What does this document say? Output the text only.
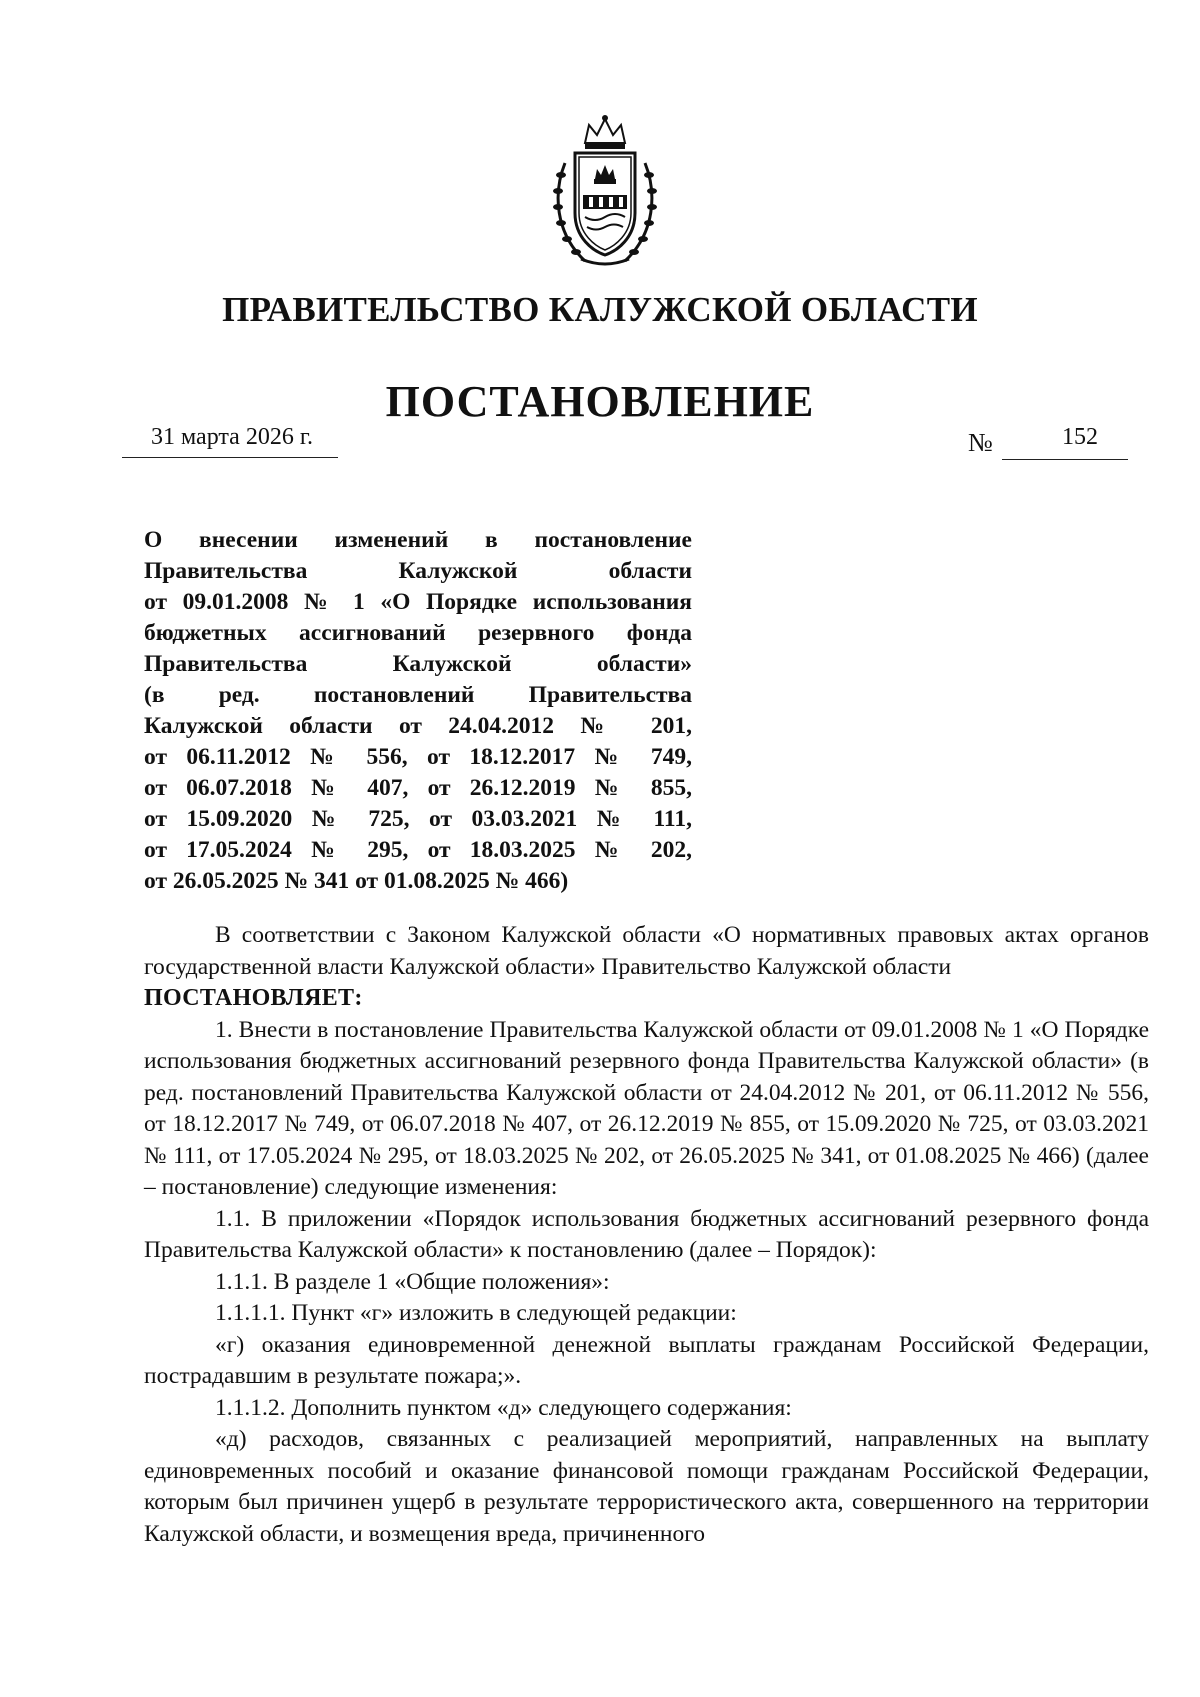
ПРАВИТЕЛЬСТВО КАЛУЖСКОЙ ОБЛАСТИ
ПОСТАНОВЛЕНИЕ
31 марта 2026 г.	№	152
О внесении изменений в постановление
Правительства Калужской области
от 09.01.2008 № 1 «О Порядке использования
бюджетных ассигнований резервного фонда
Правительства Калужской области»
(в ред. постановлений Правительства
Калужской области от 24.04.2012 № 201,
от 06.11.2012 № 556, от 18.12.2017 № 749,
от 06.07.2018 № 407, от 26.12.2019 № 855,
от 15.09.2020 № 725, от 03.03.2021 № 111,
от 17.05.2024 № 295, от 18.03.2025 № 202,
от 26.05.2025 № 341 от 01.08.2025 № 466)

В соответствии с Законом Калужской области «О нормативных правовых актах органов государственной власти Калужской области» Правительство Калужской области

ПОСТАНОВЛЯЕТ:

1. Внести в постановление Правительства Калужской области от 09.01.2008 № 1 «О Порядке использования бюджетных ассигнований резервного фонда Правительства Калужской области» (в ред. постановлений Правительства Калужской области от 24.04.2012 № 201, от 06.11.2012 № 556, от 18.12.2017 № 749, от 06.07.2018 № 407, от 26.12.2019 № 855, от 15.09.2020 № 725, от 03.03.2021 № 111, от 17.05.2024 № 295, от 18.03.2025 № 202, от 26.05.2025 № 341, от 01.08.2025 № 466) (далее – постановление) следующие изменения:

1.1. В приложении «Порядок использования бюджетных ассигнований резервного фонда Правительства Калужской области» к постановлению (далее – Порядок):

1.1.1. В разделе 1 «Общие положения»:

1.1.1.1. Пункт «г» изложить в следующей редакции:

«г) оказания единовременной денежной выплаты гражданам Российской Федерации, пострадавшим в результате пожара;».

1.1.1.2. Дополнить пунктом «д» следующего содержания:

«д) расходов, связанных с реализацией мероприятий, направленных на выплату единовременных пособий и оказание финансовой помощи гражданам Российской Федерации, которым был причинен ущерб в результате террористического акта, совершенного на территории Калужской области, и возмещения вреда, причиненного
